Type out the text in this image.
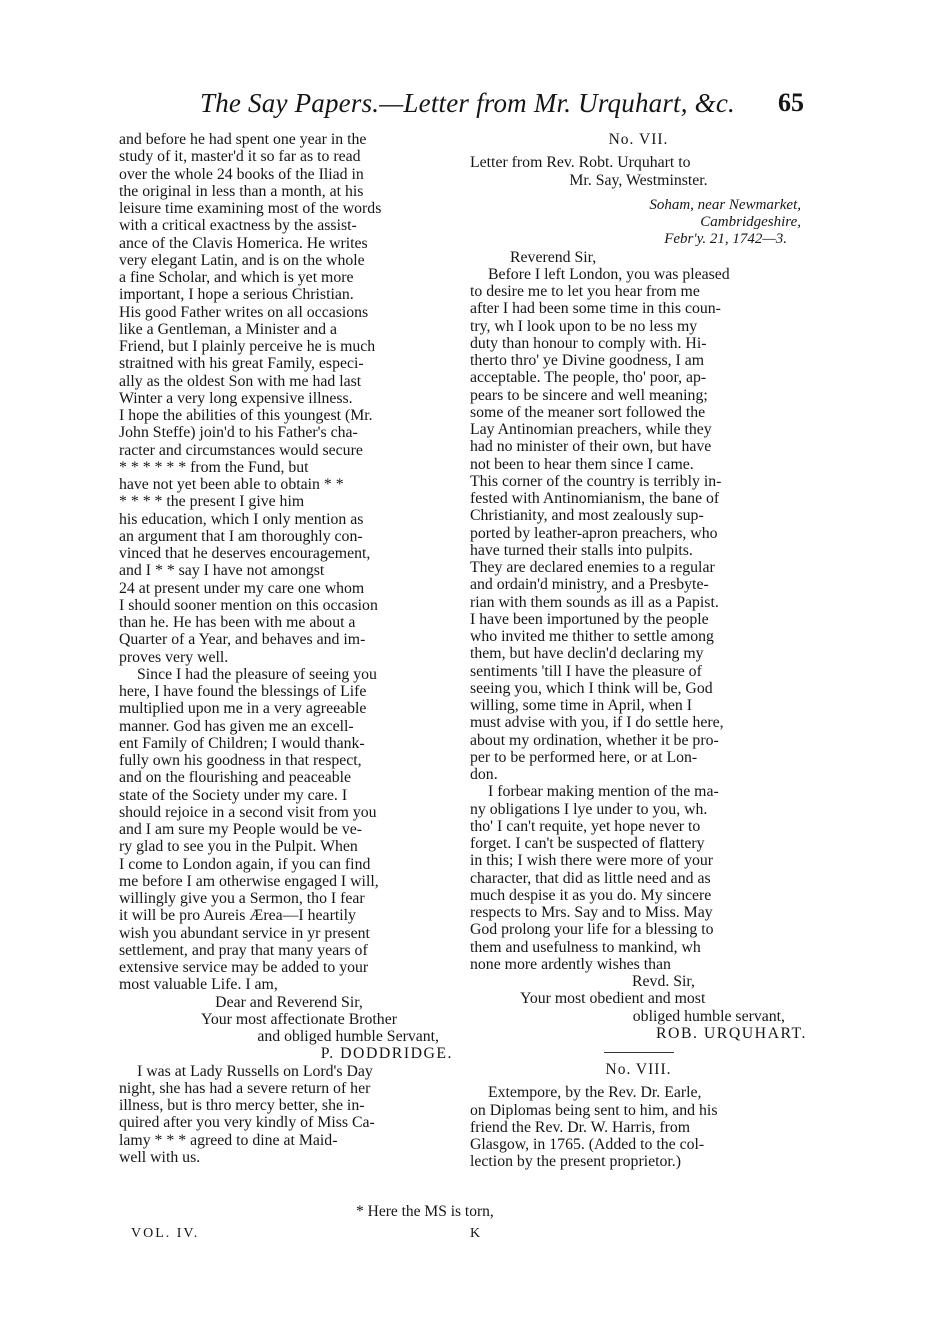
The Say Papers.—Letter from Mr. Urquhart, &c.	65

and before he had spent one year in the
study of it, master'd it so far as to read
over the whole 24 books of the Iliad in
the original in less than a month, at his
leisure time examining most of the words
with a critical exactness by the assist-
ance of the Clavis Homerica. He writes
very elegant Latin, and is on the whole
a fine Scholar, and which is yet more
important, I hope a serious Christian.
His good Father writes on all occasions
like a Gentleman, a Minister and a
Friend, but I plainly perceive he is much
straitned with his great Family, especi-
ally as the oldest Son with me had last
Winter a very long expensive illness.
I hope the abilities of this youngest (Mr.
John Steffe) join'd to his Father's cha-
racter and circumstances would secure
* * * * * * from the Fund, but
have not yet been able to obtain * *
* * * * the present I give him
his education, which I only mention as
an argument that I am thoroughly con-
vinced that he deserves encouragement,
and I * * say I have not amongst
24 at present under my care one whom
I should sooner mention on this occasion
than he. He has been with me about a
Quarter of a Year, and behaves and im-
proves very well.

Since I had the pleasure of seeing you
here, I have found the blessings of Life
multiplied upon me in a very agreeable
manner. God has given me an excell-
ent Family of Children; I would thank-
fully own his goodness in that respect,
and on the flourishing and peaceable
state of the Society under my care. I
should rejoice in a second visit from you
and I am sure my People would be ve-
ry glad to see you in the Pulpit. When
I come to London again, if you can find
me before I am otherwise engaged I will,
willingly give you a Sermon, tho I fear
it will be pro Aureis Ærea—I heartily
wish you abundant service in yr present
settlement, and pray that many years of
extensive service may be added to your
most valuable Life. I am,

Dear and Reverend Sir,
Your most affectionate Brother
and obliged humble Servant,
P. DODDRIDGE.

I was at Lady Russells on Lord's Day
night, she has had a severe return of her
illness, but is thro mercy better, she in-
quired after you very kindly of Miss Ca-
lamy * * * agreed to dine at Maid-
well with us.

No. VII.

Letter from Rev. Robt. Urquhart to
Mr. Say, Westminster.

Soham, near Newmarket,
Cambridgeshire,
Febr'y. 21, 1742—3.

Reverend Sir,

Before I left London, you was pleased
to desire me to let you hear from me
after I had been some time in this coun-
try, wh I look upon to be no less my
duty than honour to comply with. Hi-
therto thro' ye Divine goodness, I am
acceptable. The people, tho' poor, ap-
pears to be sincere and well meaning;
some of the meaner sort followed the
Lay Antinomian preachers, while they
had no minister of their own, but have
not been to hear them since I came.
This corner of the country is terribly in-
fested with Antinomianism, the bane of
Christianity, and most zealously sup-
ported by leather-apron preachers, who
have turned their stalls into pulpits.
They are declared enemies to a regular
and ordain'd ministry, and a Presbyte-
rian with them sounds as ill as a Papist.
I have been importuned by the people
who invited me thither to settle among
them, but have declin'd declaring my
sentiments 'till I have the pleasure of
seeing you, which I think will be, God
willing, some time in April, when I
must advise with you, if I do settle here,
about my ordination, whether it be pro-
per to be performed here, or at Lon-
don.

I forbear making mention of the ma-
ny obligations I lye under to you, wh.
tho' I can't requite, yet hope never to
forget. I can't be suspected of flattery
in this; I wish there were more of your
character, that did as little need and as
much despise it as you do. My sincere
respects to Mrs. Say and to Miss. May
God prolong your life for a blessing to
them and usefulness to mankind, wh
none more ardently wishes than

Revd. Sir,
Your most obedient and most
obliged humble servant,
ROB. URQUHART.

No. VIII.

Extempore, by the Rev. Dr. Earle,
on Diplomas being sent to him, and his
friend the Rev. Dr. W. Harris, from
Glasgow, in 1765. (Added to the col-
lection by the present proprietor.)

* Here the MS is torn,
VOL. IV.	K
